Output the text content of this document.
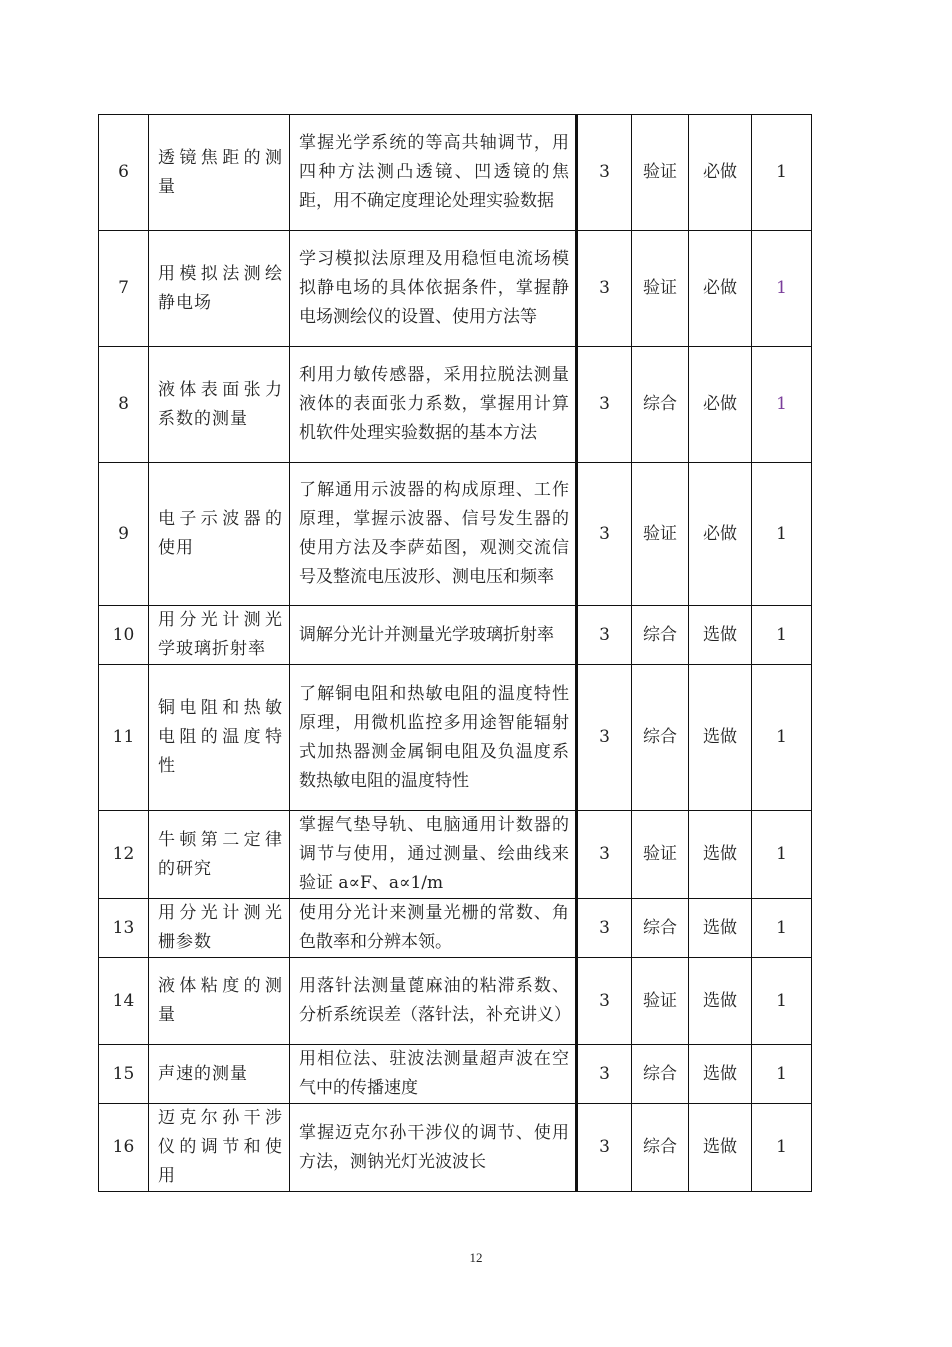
6	透镜焦距的测量	掌握光学系统的等高共轴调节，用四种方法测凸透镜、凹透镜的焦距，用不确定度理论处理实验数据	3	验证	必做	1
7	用模拟法测绘静电场	学习模拟法原理及用稳恒电流场模拟静电场的具体依据条件，掌握静电场测绘仪的设置、使用方法等	3	验证	必做	1
8	液体表面张力系数的测量	利用力敏传感器，采用拉脱法测量液体的表面张力系数，掌握用计算机软件处理实验数据的基本方法	3	综合	必做	1
9	电子示波器的使用	了解通用示波器的构成原理、工作原理，掌握示波器、信号发生器的使用方法及李萨茹图，观测交流信号及整流电压波形、测电压和频率	3	验证	必做	1
10	用分光计测光学玻璃折射率	调解分光计并测量光学玻璃折射率	3	综合	选做	1
11	铜电阻和热敏电阻的温度特性	了解铜电阻和热敏电阻的温度特性原理，用微机监控多用途智能辐射式加热器测金属铜电阻及负温度系数热敏电阻的温度特性	3	综合	选做	1
12	牛顿第二定律的研究	掌握气垫导轨、电脑通用计数器的调节与使用，通过测量、绘曲线来验证 a∝F、a∝1/m	3	验证	选做	1
13	用分光计测光栅参数	使用分光计来测量光栅的常数、角色散率和分辨本领。	3	综合	选做	1
14	液体粘度的测量	用落针法测量蓖麻油的粘滞系数、分析系统误差（落针法，补充讲义）	3	验证	选做	1
15	声速的测量	用相位法、驻波法测量超声波在空气中的传播速度	3	综合	选做	1
16	迈克尔孙干涉仪的调节和使用	掌握迈克尔孙干涉仪的调节、使用方法，测钠光灯光波波长	3	综合	选做	1
12
